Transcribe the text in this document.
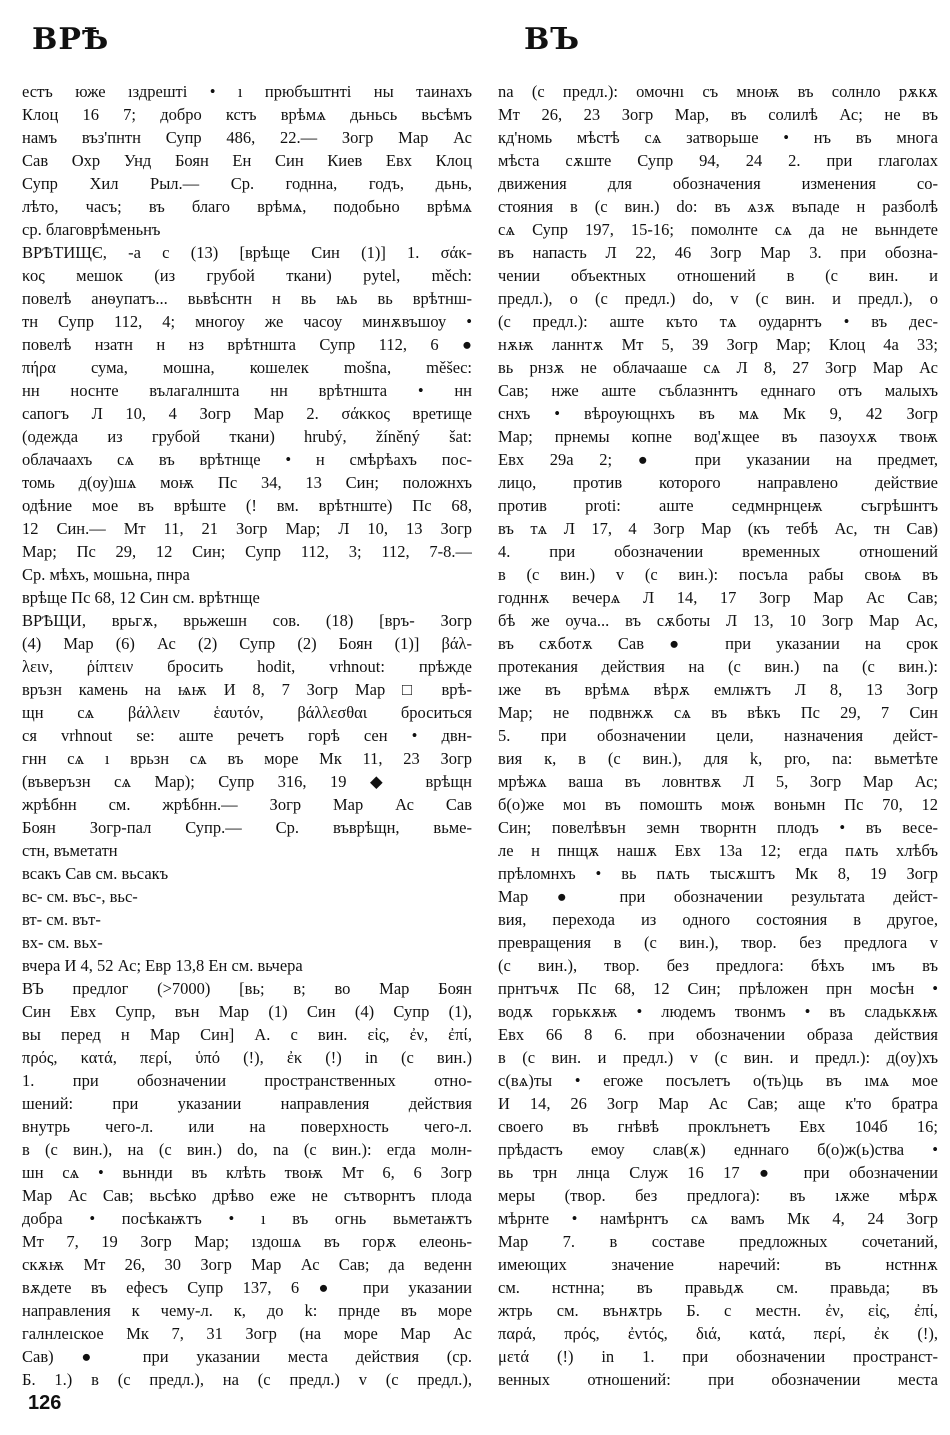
ВРѢ	ВЪ
естъ юже ıздрешті • ı прюбъштнті ны таинахъ
Клоц 16 7; добро кстъ врѣмѧ дьньсь вьсѣмъ
намъ въз'пнтн Супр 486, 22.— Зогр Мар Ас
Сав Охр Унд Боян Ен Син Киев Евх Клоц
Супр Хил Рыл.— Ср. годнна, годъ, дьнь,
лѣто, часъ; въ благо врѣмѧ, подобьно врѣмѧ
ср. благоврѣменьнъ
ВРѢТИЩЄ, -а с (13) [врѣще Син (1)] 1. σάκ-
κος мешок (из грубой ткани) pytel, měch:
повелѣ анѳупатъ... вьвѣснтн н вь ѩь вь врѣтнш-
тн Супр 112, 4; многоу же часоу минѫвъшоу •
повелѣ нзатн н нз врѣтншта Супр 112, 6 ●
πήρα сума, мошна, кошелек mošna, měšec:
нн носнте вълагалншта нн врѣтншта • нн
сапогъ Л 10, 4 Зогр Мар 2. σάκκος вретище
(одежда из грубой ткани) hrubý, žíněný šat:
облачаахъ сѧ въ врѣтнще • н смѣрѣахъ пос-
томь д(оу)шѧ моѭ Пс 34, 13 Син; положнхъ
одѣние мое въ врѣште (! вм. врѣтнште) Пс 68,
12 Син.— Мт 11, 21 Зогр Мар; Л 10, 13 Зогр
Мар; Пс 29, 12 Син; Супр 112, 3; 112, 7-8.—
Ср. мѣхъ, мошьна, пнра
врѣще Пс 68, 12 Син см. врѣтнще
ВРѢЩИ, врьгѫ, врьжешн сов. (18) [връ- Зогр
(4) Мар (6) Ас (2) Супр (2) Боян (1)] βάλ-
λειν, ῥίπτειν бросить hodit, vrhnout: прѣжде
връзн камень на ѩѭ И 8, 7 Зогр Мар □ врѣ-
щн сѧ βάλλειν ἑαυτόν, βάλλεσθαι броситься
ся vrhnout se: аште речетъ горѣ сен • двн-
гнн сѧ ı врьзн сѧ въ море Мк 11, 23 Зогр
(въверъзн сѧ Мар); Супр 316, 19 ◆ врѣщн
жрѣбнн см. жрѣбнн.— Зогр Мар Ас Сав
Боян Зогр-пал Супр.— Ср. въврѣщн, вьме-
стн, въметатн
всакъ Сав см. вьсакъ
вс- см. въс-, вьс-
вт- см. вът-
вх- см. вьх-
вчера И 4, 52 Ас; Евр 13,8 Ен см. вьчера
ВЪ предлог (>7000) [вь; в; во Мар Боян
Син Евх Супр, вън Мар (1) Син (4) Супр (1),
вы перед н Мар Син] А. с вин. εἰς, ἐν, ἐπί,
πρός, κατά, περί, ὑπό (!), ἐκ (!) in (с вин.)
1. при обозначении пространственных отно-
шений: при указании направления действия
внутрь чего-л. или на поверхность чего-л.
в (с вин.), на (с вин.) do, na (с вин.): егда молн-
шн сѧ • вьннди въ клѣть твоѭ Мт 6, 6 Зогр
Мар Ас Сав; вьсѣко дрѣво еже не сътворнтъ плода
добра • посѣкаѭтъ • ı въ огнь вьметаѭтъ
Мт 7, 19 Зогр Мар; ıздошѧ въ горѫ елеонь-
скѫѭ Мт 26, 30 Зогр Мар Ас Сав; да веденн
вѫдете въ ефесъ Супр 137, 6 ● при указании
направления к чему-л. к, до k: прнде въ море
галнлеıское Мк 7, 31 Зогр (на море Мар Ас
Сав) ● при указании места действия (ср.
Б. 1.) в (с предл.), на (с предл.) v (с предл.),
na (с предл.): омочнı съ мноѭ въ солнло рѫкѫ
Мт 26, 23 Зогр Мар, въ солилѣ Ас; не въ
кд'номь мѣстѣ сѧ затворьше • нъ въ многа
мѣста сѫште Супр 94, 24 2. при глаголах
движения для обозначения изменения со-
стояния в (с вин.) do: въ ѧзѫ въпаде н разболѣ
сѧ Супр 197, 15-16; помолнте сѧ да не вьнндете
въ напасть Л 22, 46 Зогр Мар 3. при обозна-
чении объектных отношений в (с вин. и
предл.), о (с предл.) do, v (с вин. и предл.), o
(с предл.): аште къто тѧ оударнтъ • въ дес-
нѫѭ ланнтѫ Мт 5, 39 Зогр Мар; Клоц 4а 33;
вь рнзѫ не облачааше сѧ Л 8, 27 Зогр Мар Ас
Сав; нже аште съблазннтъ едннаго отъ малыхъ
снхъ • вѣроующнхъ въ мѧ Мк 9, 42 Зогр
Мар; прнемы копне вод'ѫщее въ пазоухѫ твоѭ
Евх 29а 2; ● при указании на предмет,
лицо, против которого направлено действие
против proti: аште седмнрнцеѭ съгрѣшнтъ
въ тѧ Л 17, 4 Зогр Мар (къ тебѣ Ас, тн Сав)
4. при обозначении временных отношений
в (с вин.) v (с вин.): посъла рабы своѩ въ
годннѫ вечерѧ Л 14, 17 Зогр Мар Ас Сав;
бѣ же оуча... въ сѫботы Л 13, 10 Зогр Мар Ас,
въ сѫботѫ Сав ● при указании на срок
протекания действия на (с вин.) na (с вин.):
ıже въ врѣмѧ вѣрѫ емлѭтъ Л 8, 13 Зогр
Мар; не подвнжѫ сѧ въ вѣкъ Пс 29, 7 Син
5. при обозначении цели, назначения дейст-
вия к, в (с вин.), для k, pro, na: вьметѣте
мрѣжѧ ваша въ ловнтвѫ Л 5, Зогр Мар Ас;
б(о)же моı въ помошть моѭ воньмн Пс 70, 12
Син; повелѣвън земн творнтн плодъ • въ весе-
ле н пнщѫ нашѫ Евх 13а 12; егда пѧть хлѣбъ
прѣломнхъ • вь пѧть тысѫштъ Мк 8, 19 Зогр
Мар ● при обозначении результата дейст-
вия, перехода из одного состояния в другое,
превращения в (с вин.), твор. без предлога v
(с вин.), твор. без предлога: бѣхъ ıмъ въ
прнтъчѫ Пс 68, 12 Син; прѣложен прн мосѣн •
водѫ горькѫѭ • людемъ твонмъ • въ сладькѫѭ
Евх 66 8 6. при обозначении образа действия
в (с вин. и предл.) v (с вин. и предл.): д(оу)хъ
с(вѧ)ты • егоже посълетъ о(ть)ць въ ıмѧ мое
И 14, 26 Зогр Мар Ас Сав; аще к'то братра
своего въ гнѣвѣ проклънетъ Евх 104б 16;
прѣдастъ емоу слав(ѫ) едннаго б(о)ж(ь)ства •
вь трн лнца Служ 16 17 ● при обозначении
меры (твор. без предлога): въ ıѫже мѣрѫ
мѣрнте • намѣрнтъ сѧ вамъ Мк 4, 24 Зогр
Мар 7. в составе предложных сочетаний,
имеющих значение наречий: въ нстннѫ
см. нстнна; въ правьдѫ см. правьда; въ
жтрь см. вънѫтрь Б. с местн. ἐν, εἰς, ἐπί,
παρά, πρός, ἐντός, διά, κατά, περί, ἐκ (!),
μετά (!) in 1. при обозначении пространст-
венных отношений: при обозначении места
126
